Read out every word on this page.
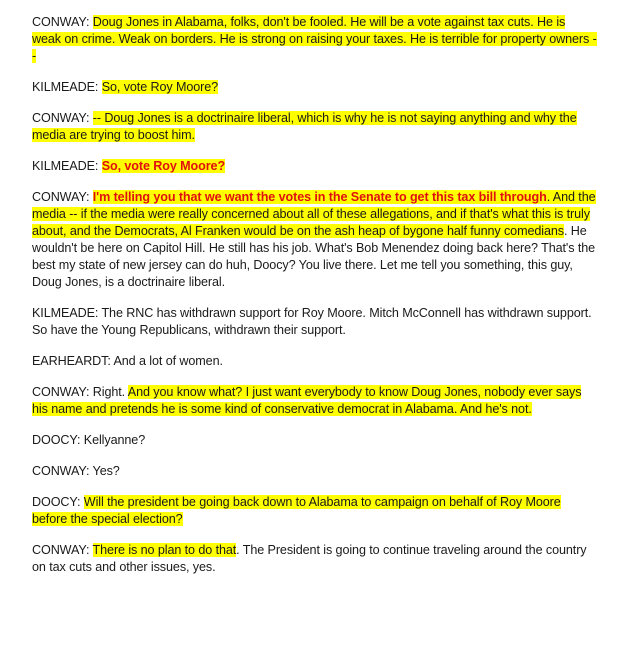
CONWAY: Doug Jones in Alabama, folks, don't be fooled. He will be a vote against tax cuts. He is weak on crime. Weak on borders. He is strong on raising your taxes. He is terrible for property owners --

KILMEADE: So, vote Roy Moore?

CONWAY: -- Doug Jones is a doctrinaire liberal, which is why he is not saying anything and why the media are trying to boost him.

KILMEADE: So, vote Roy Moore?

CONWAY: I'm telling you that we want the votes in the Senate to get this tax bill through. And the media -- if the media were really concerned about all of these allegations, and if that's what this is truly about, and the Democrats, Al Franken would be on the ash heap of bygone half funny comedians. He wouldn't be here on Capitol Hill. He still has his job. What's Bob Menendez doing back here? That's the best my state of new jersey can do huh, Doocy? You live there. Let me tell you something, this guy, Doug Jones, is a doctrinaire liberal.

KILMEADE: The RNC has withdrawn support for Roy Moore. Mitch McConnell has withdrawn support. So have the Young Republicans, withdrawn their support.

EARHEARDT: And a lot of women.

CONWAY: Right. And you know what? I just want everybody to know Doug Jones, nobody ever says his name and pretends he is some kind of conservative democrat in Alabama. And he's not.

DOOCY: Kellyanne?

CONWAY: Yes?

DOOCY: Will the president be going back down to Alabama to campaign on behalf of Roy Moore before the special election?

CONWAY: There is no plan to do that. The President is going to continue traveling around the country on tax cuts and other issues, yes.
